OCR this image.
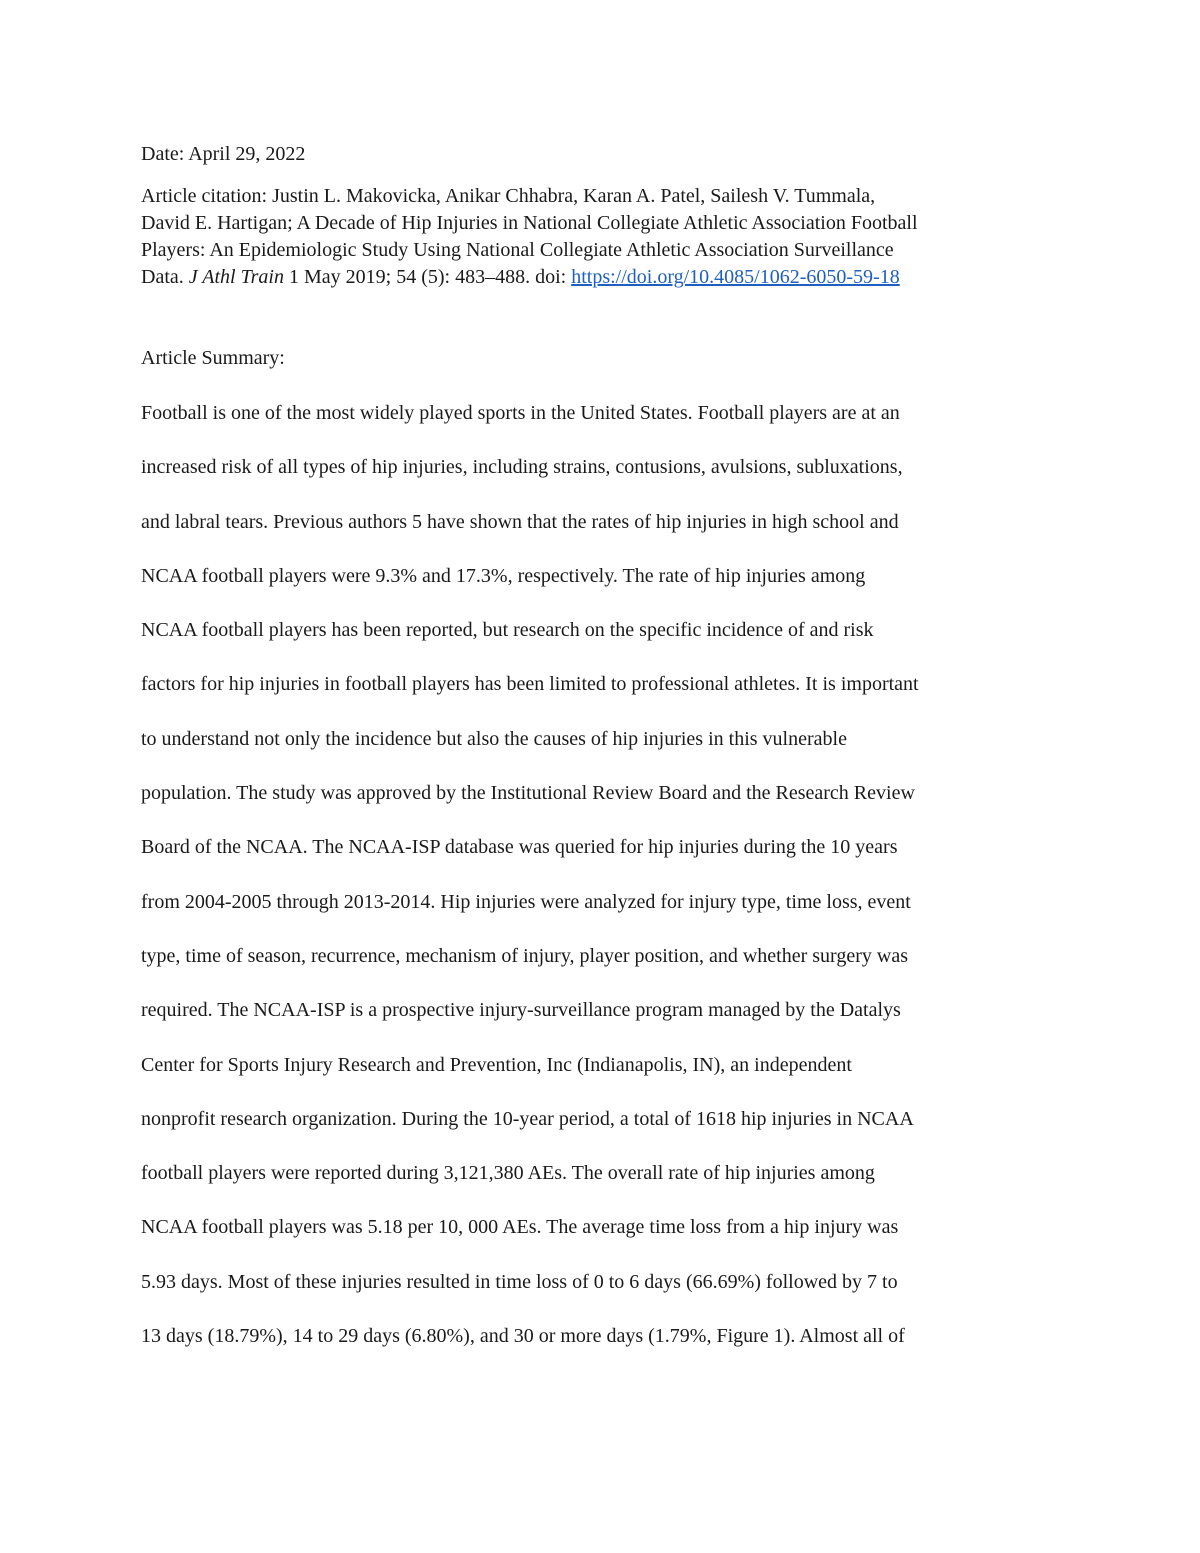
Date: April 29, 2022
Article citation: Justin L. Makovicka, Anikar Chhabra, Karan A. Patel, Sailesh V. Tummala,
David E. Hartigan; A Decade of Hip Injuries in National Collegiate Athletic Association Football
Players: An Epidemiologic Study Using National Collegiate Athletic Association Surveillance
Data. J Athl Train 1 May 2019; 54 (5): 483–488. doi: https://doi.org/10.4085/1062-6050-59-18
Article Summary:
Football is one of the most widely played sports in the United States. Football players are at an
increased risk of all types of hip injuries, including strains, contusions, avulsions, subluxations,
and labral tears. Previous authors 5 have shown that the rates of hip injuries in high school and
NCAA football players were 9.3% and 17.3%, respectively. The rate of hip injuries among
NCAA football players has been reported, but research on the specific incidence of and risk
factors for hip injuries in football players has been limited to professional athletes. It is important
to understand not only the incidence but also the causes of hip injuries in this vulnerable
population. The study was approved by the Institutional Review Board and the Research Review
Board of the NCAA. The NCAA-ISP database was queried for hip injuries during the 10 years
from 2004-2005 through 2013-2014. Hip injuries were analyzed for injury type, time loss, event
type, time of season, recurrence, mechanism of injury, player position, and whether surgery was
required. The NCAA-ISP is a prospective injury-surveillance program managed by the Datalys
Center for Sports Injury Research and Prevention, Inc (Indianapolis, IN), an independent
nonprofit research organization. During the 10-year period, a total of 1618 hip injuries in NCAA
football players were reported during 3,121,380 AEs. The overall rate of hip injuries among
NCAA football players was 5.18 per 10, 000 AEs. The average time loss from a hip injury was
5.93 days. Most of these injuries resulted in time loss of 0 to 6 days (66.69%) followed by 7 to
13 days (18.79%), 14 to 29 days (6.80%), and 30 or more days (1.79%, Figure 1). Almost all of
